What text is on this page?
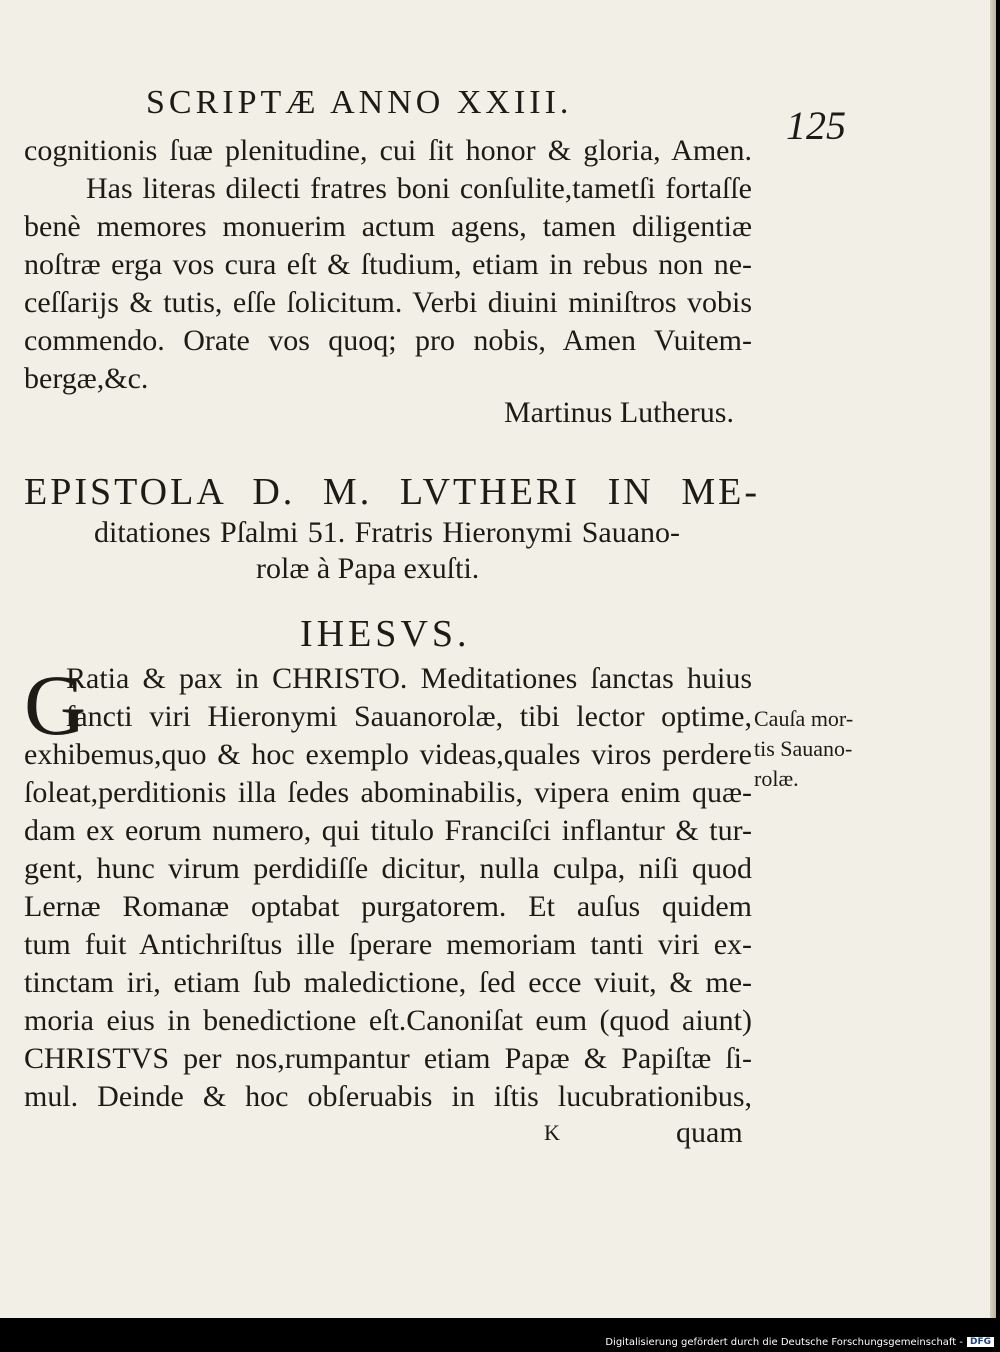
SCRIPTÆ ANNO XXIII.
125
cognitionis ſuæ plenitudine, cui ſit honor & gloria, Amen.
Has literas dilecti fratres boni conſulite,tametſi fortaſſe
benè memores monuerim actum agens, tamen diligentiæ
noſtræ erga vos cura eſt & ſtudium, etiam in rebus non ne-
ceſſarijs & tutis, eſſe ſolicitum. Verbi diuini miniſtros vobis
commendo. Orate vos quoq; pro nobis, Amen Vuitem-
bergæ,&c.
Martinus Lutherus.
EPISTOLA D. M. LVTHERI IN ME-
ditationes Pſalmi 51. Fratris Hieronymi Sauano-
rolæ à Papa exuſti.
IHESVS.
G
Ratia & pax in CHRISTO. Meditationes ſanctas huius
ſancti viri Hieronymi Sauanorolæ, tibi lector optime,
exhibemus,quo & hoc exemplo videas,quales viros perdere
ſoleat,perditionis illa ſedes abominabilis, vipera enim quæ-
dam ex eorum numero, qui titulo Franciſci inflantur & tur-
gent, hunc virum perdidiſſe dicitur, nulla culpa, niſi quod
Lernæ Romanæ optabat purgatorem. Et auſus quidem
tum fuit Antichriſtus ille ſperare memoriam tanti viri ex-
tinctam iri, etiam ſub maledictione, ſed ecce viuit, & me-
moria eius in benedictione eſt.Canoniſat eum (quod aiunt)
CHRISTVS per nos,rumpantur etiam Papæ & Papiſtæ ſi-
mul. Deinde & hoc obſeruabis in iſtis lucubrationibus,
Cauſa mor-
tis Sauano-
rolæ.
K	quam
Digitalisierung gefördert durch die Deutsche Forschungsgemeinschaft - DFG
